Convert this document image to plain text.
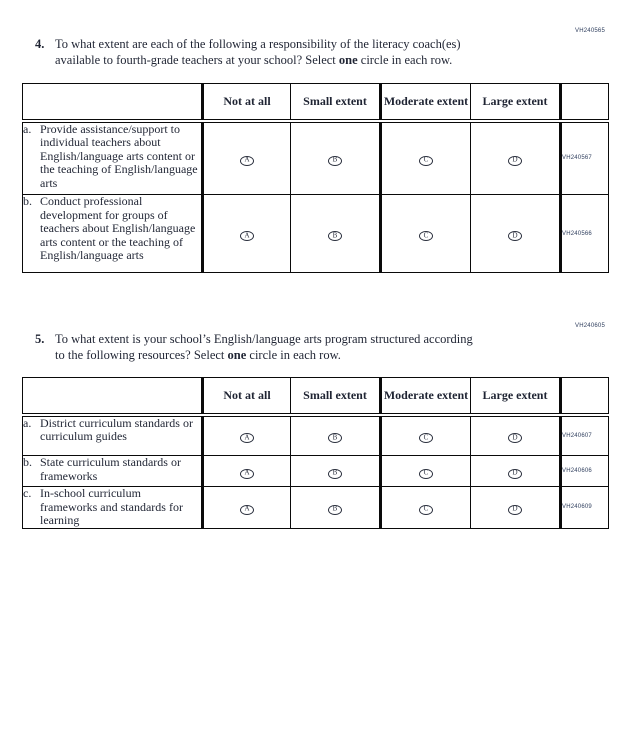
VH240565
4. To what extent are each of the following a responsibility of the literacy coach(es)
available to fourth-grade teachers at your school? Select one circle in each row.
	Not at all	Small extent	Moderate extent	Large extent	

a. Provide assistance/support to individual teachers about English/language arts content or the teaching of English/language arts	A	B	C	D	VH240567

b. Conduct professional development for groups of teachers about English/language arts content or the teaching of English/language arts	A	B	C	D	VH240566
VH240605
5. To what extent is your school’s English/language arts program structured according
to the following resources? Select one circle in each row.
	Not at all	Small extent	Moderate extent	Large extent	

a. District curriculum standards or curriculum guides	A	B	C	D	VH240607

b. State curriculum standards or frameworks	A	B	C	D	VH240606

c. In-school curriculum frameworks and standards for learning	A	B	C	D	VH240609
